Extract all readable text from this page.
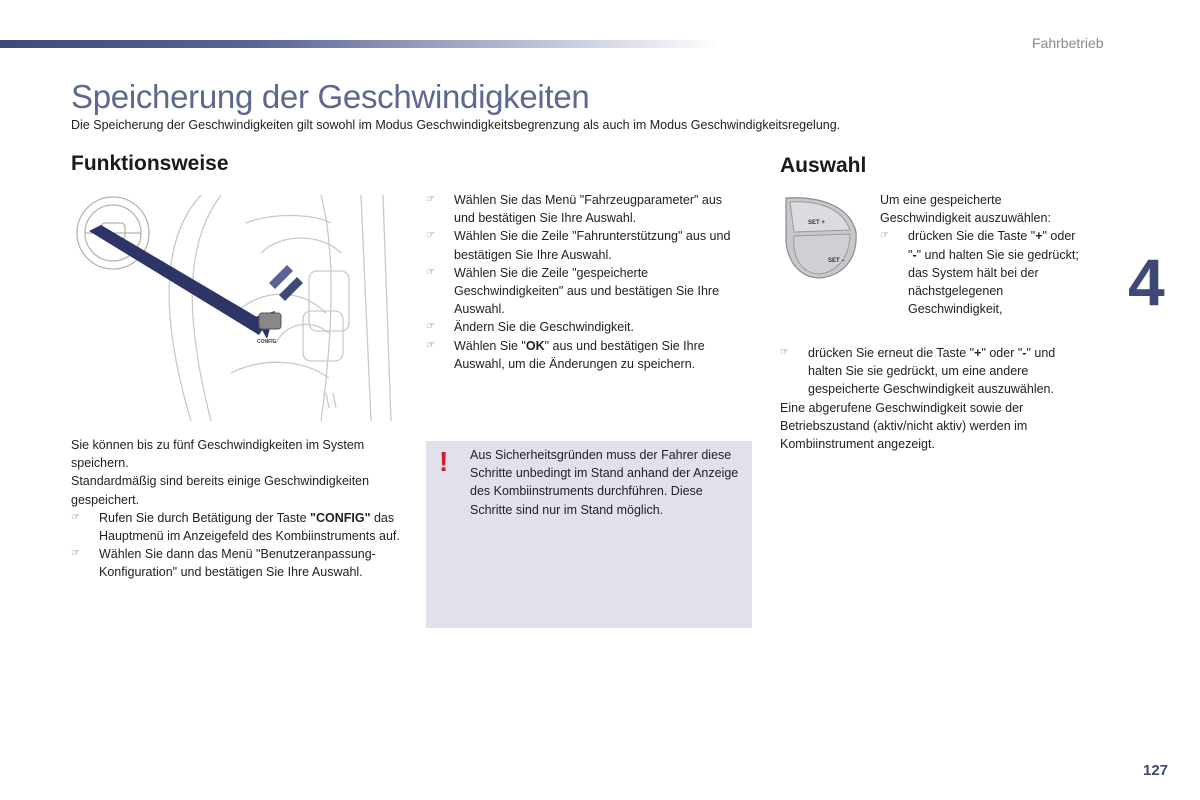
Fahrbetrieb
Speicherung der Geschwindigkeiten
Die Speicherung der Geschwindigkeiten gilt sowohl im Modus Geschwindigkeitsbegrenzung als auch im Modus Geschwindigkeitsregelung.
Funktionsweise	Auswahl
CONFIG
☞ Wählen Sie das Menü "Fahrzeugparameter" aus und bestätigen Sie Ihre Auswahl.
☞ Wählen Sie die Zeile "Fahrunterstützung" aus und bestätigen Sie Ihre Auswahl.
☞ Wählen Sie die Zeile "gespeicherte Geschwindigkeiten" aus und bestätigen Sie Ihre Auswahl.
☞ Ändern Sie die Geschwindigkeit.
☞ Wählen Sie "OK" aus und bestätigen Sie Ihre Auswahl, um die Änderungen zu speichern.
Sie können bis zu fünf Geschwindigkeiten im System speichern.
Standardmäßig sind bereits einige Geschwindigkeiten gespeichert.
☞ Rufen Sie durch Betätigung der Taste "CONFIG" das Hauptmenü im Anzeigefeld des Kombiinstruments auf.
☞ Wählen Sie dann das Menü "Benutzeranpassung-Konfiguration" und bestätigen Sie Ihre Auswahl.
! Aus Sicherheitsgründen muss der Fahrer diese Schritte unbedingt im Stand anhand der Anzeige des Kombiinstruments durchführen. Diese Schritte sind nur im Stand möglich.
SET +
SET –
Um eine gespeicherte Geschwindigkeit auszuwählen:
☞ drücken Sie die Taste "+" oder "-" und halten Sie sie gedrückt; das System hält bei der nächstgelegenen Geschwindigkeit,
☞ drücken Sie erneut die Taste "+" oder "-" und halten Sie sie gedrückt, um eine andere gespeicherte Geschwindigkeit auszuwählen.
Eine abgerufene Geschwindigkeit sowie der Betriebszustand (aktiv/nicht aktiv) werden im Kombiinstrument angezeigt.
4
127
